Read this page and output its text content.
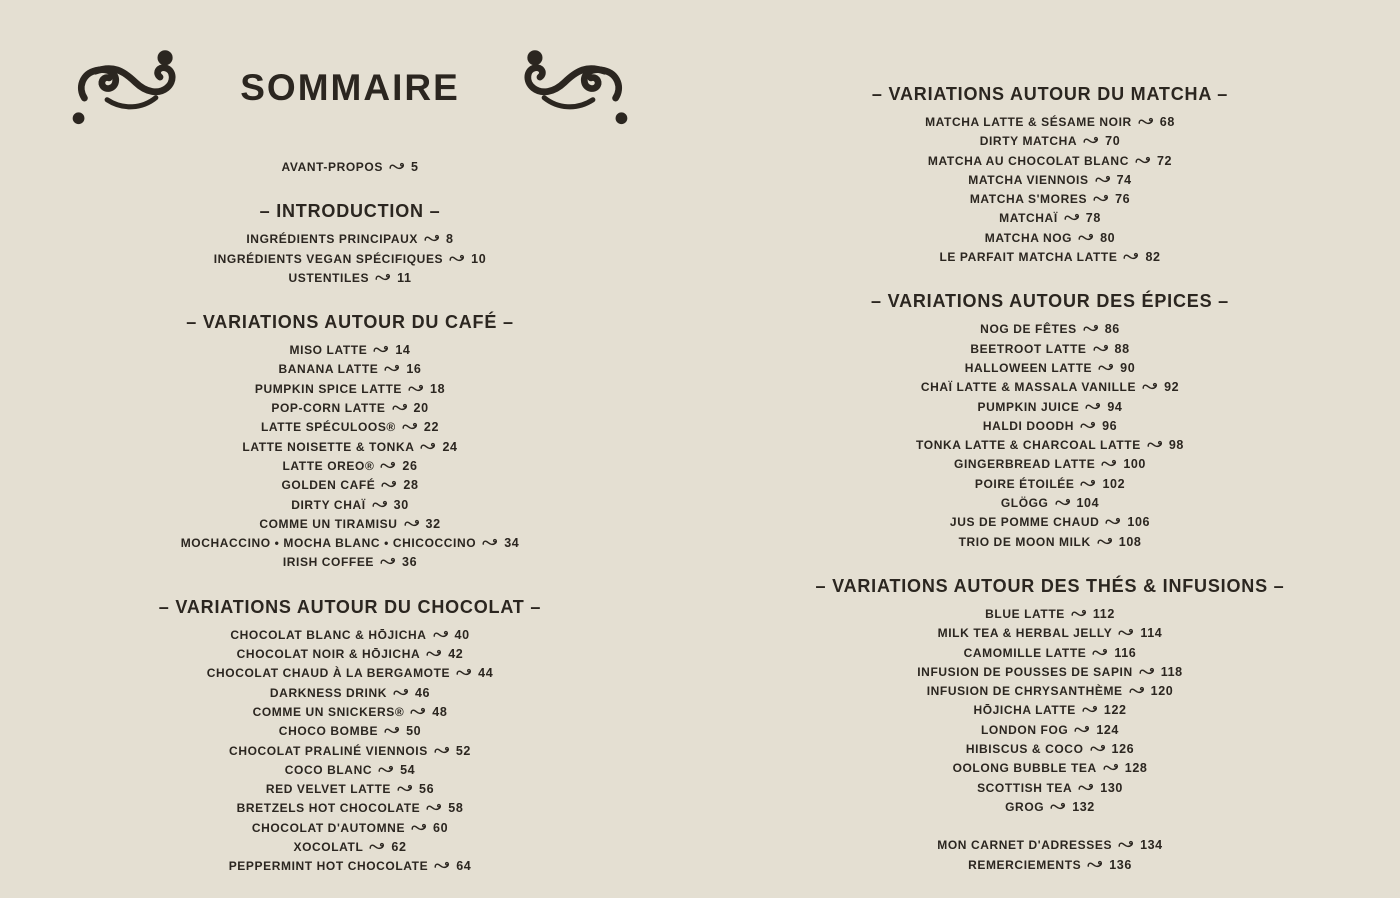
SOMMAIRE
AVANT-PROPOS 5
– INTRODUCTION –
INGRÉDIENTS PRINCIPAUX 8
INGRÉDIENTS VEGAN SPÉCIFIQUES 10
USTENTILES 11
– VARIATIONS AUTOUR DU CAFÉ –
MISO LATTE 14
BANANA LATTE 16
PUMPKIN SPICE LATTE 18
POP-CORN LATTE 20
LATTE SPÉCULOOS® 22
LATTE NOISETTE & TONKA 24
LATTE OREO® 26
GOLDEN CAFÉ 28
DIRTY CHAÏ 30
COMME UN TIRAMISU 32
MOCHACCINO • MOCHA BLANC • CHICOCCINO 34
IRISH COFFEE 36
– VARIATIONS AUTOUR DU CHOCOLAT –
CHOCOLAT BLANC & HŌJICHA 40
CHOCOLAT NOIR & HŌJICHA 42
CHOCOLAT CHAUD À LA BERGAMOTE 44
DARKNESS DRINK 46
COMME UN SNICKERS® 48
CHOCO BOMBE 50
CHOCOLAT PRALINÉ VIENNOIS 52
COCO BLANC 54
RED VELVET LATTE 56
BRETZELS HOT CHOCOLATE 58
CHOCOLAT D'AUTOMNE 60
XOCOLATL 62
PEPPERMINT HOT CHOCOLATE 64
– VARIATIONS AUTOUR DU MATCHA –
MATCHA LATTE & SÉSAME NOIR 68
DIRTY MATCHA 70
MATCHA AU CHOCOLAT BLANC 72
MATCHA VIENNOIS 74
MATCHA S'MORES 76
MATCHAÏ 78
MATCHA NOG 80
LE PARFAIT MATCHA LATTE 82
– VARIATIONS AUTOUR DES ÉPICES –
NOG DE FÊTES 86
BEETROOT LATTE 88
HALLOWEEN LATTE 90
CHAÏ LATTE & MASSALA VANILLE 92
PUMPKIN JUICE 94
HALDI DOODH 96
TONKA LATTE & CHARCOAL LATTE 98
GINGERBREAD LATTE 100
POIRE ÉTOILÉE 102
GLÖGG 104
JUS DE POMME CHAUD 106
TRIO DE MOON MILK 108
– VARIATIONS AUTOUR DES THÉS & INFUSIONS –
BLUE LATTE 112
MILK TEA & HERBAL JELLY 114
CAMOMILLE LATTE 116
INFUSION DE POUSSES DE SAPIN 118
INFUSION DE CHRYSANTHÈME 120
HŌJICHA LATTE 122
LONDON FOG 124
HIBISCUS & COCO 126
OOLONG BUBBLE TEA 128
SCOTTISH TEA 130
GROG 132
MON CARNET D'ADRESSES 134
REMERCIEMENTS 136
